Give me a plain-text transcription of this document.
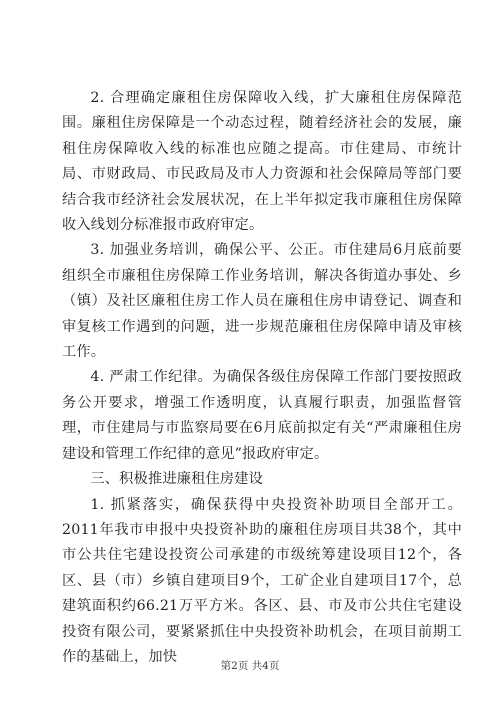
2. 合理确定廉租住房保障收入线，扩大廉租住房保障范围。廉租住房保障是一个动态过程，随着经济社会的发展，廉租住房保障收入线的标准也应随之提高。市住建局、市统计局、市财政局、市民政局及市人力资源和社会保障局等部门要结合我市经济社会发展状况，在上半年拟定我市廉租住房保障收入线划分标准报市政府审定。

3. 加强业务培训，确保公平、公正。市住建局6月底前要组织全市廉租住房保障工作业务培训，解决各街道办事处、乡（镇）及社区廉租住房工作人员在廉租住房申请登记、调查和审复核工作遇到的问题，进一步规范廉租住房保障申请及审核工作。

4. 严肃工作纪律。为确保各级住房保障工作部门要按照政务公开要求，增强工作透明度，认真履行职责，加强监督管理，市住建局与市监察局要在6月底前拟定有关“严肃廉租住房建设和管理工作纪律的意见”报政府审定。

三、积极推进廉租住房建设

1. 抓紧落实，确保获得中央投资补助项目全部开工。2011年我市申报中央投资补助的廉租住房项目共38个，其中市公共住宅建设投资公司承建的市级统筹建设项目12个，各区、县（市）乡镇自建项目9个，工矿企业自建项目17个，总建筑面积约66.21万平方米。各区、县、市及市公共住宅建设投资有限公司，要紧紧抓住中央投资补助机会，在项目前期工作的基础上，加快

第2页 共4页
